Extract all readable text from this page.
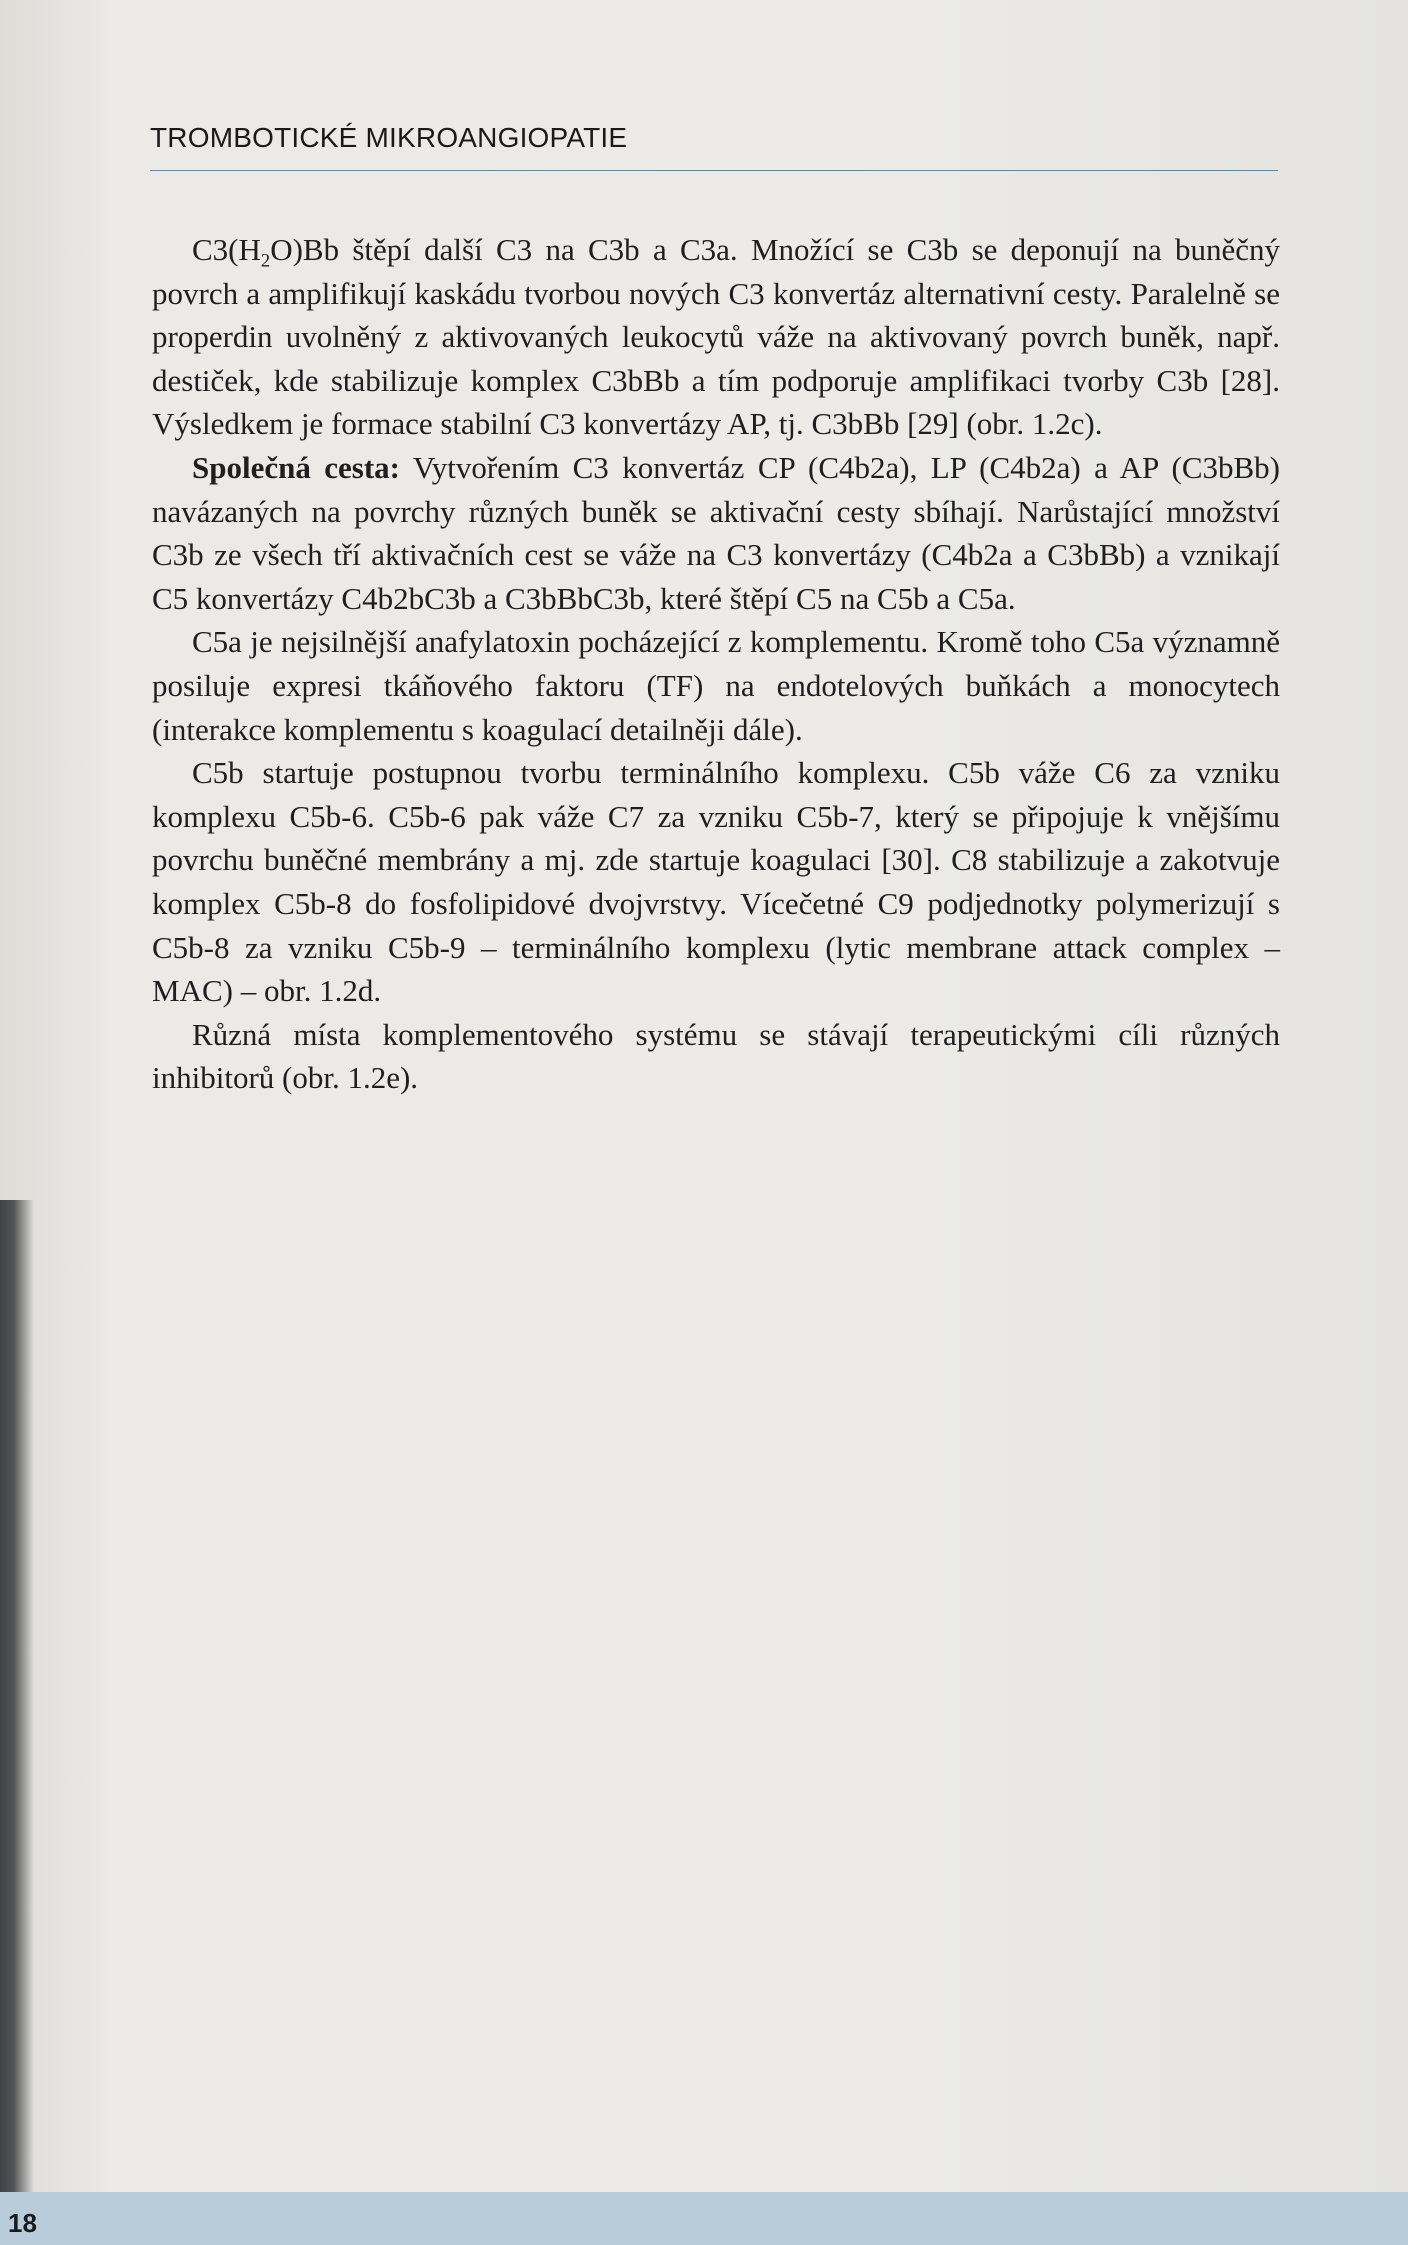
TROMBOTICKÉ MIKROANGIOPATIE

$C3(H_2O)Bb$ štěpí další C3 na C3b a C3a. Množící se C3b se deponují na buněčný povrch a amplifikují kaskádu tvorbou nových C3 konvertáz alternativní cesty. Paralelně se properdin uvolněný z aktivovaných leukocytů váže na aktivovaný povrch buněk, např. destiček, kde stabilizuje komplex C3bBb a tím podporuje amplifikaci tvorby C3b [28]. Výsledkem je formace stabilní C3 konvertázy AP, tj. C3bBb [29] (obr. 1.2c).

Společná cesta: Vytvořením C3 konvertáz CP (C4b2a), LP (C4b2a) a AP (C3bBb) navázaných na povrchy různých buněk se aktivační cesty sbíhají. Narůstající množství C3b ze všech tří aktivačních cest se váže na C3 konvertázy (C4b2a a C3bBb) a vznikají C5 konvertázy C4b2bC3b a C3bBbC3b, které štěpí C5 na C5b a C5a.

C5a je nejsilnější anafylatoxin pocházející z komplementu. Kromě toho C5a významně posiluje expresi tkáňového faktoru (TF) na endotelových buňkách a monocytech (interakce komplementu s koagulací detailněji dále).

C5b startuje postupnou tvorbu terminálního komplexu. C5b váže C6 za vzniku komplexu C5b-6. C5b-6 pak váže C7 za vzniku C5b-7, který se připojuje k vnějšímu povrchu buněčné membrány a mj. zde startuje koagulaci [30]. C8 stabilizuje a zakotvuje komplex C5b-8 do fosfolipidové dvojvrstvy. Vícečetné C9 podjednotky polymerizují s C5b-8 za vzniku C5b-9 – terminálního komplexu (lytic membrane attack complex – MAC) – obr. 1.2d.

Různá místa komplementového systému se stávají terapeutickými cíli různých inhibitorů (obr. 1.2e).

18
